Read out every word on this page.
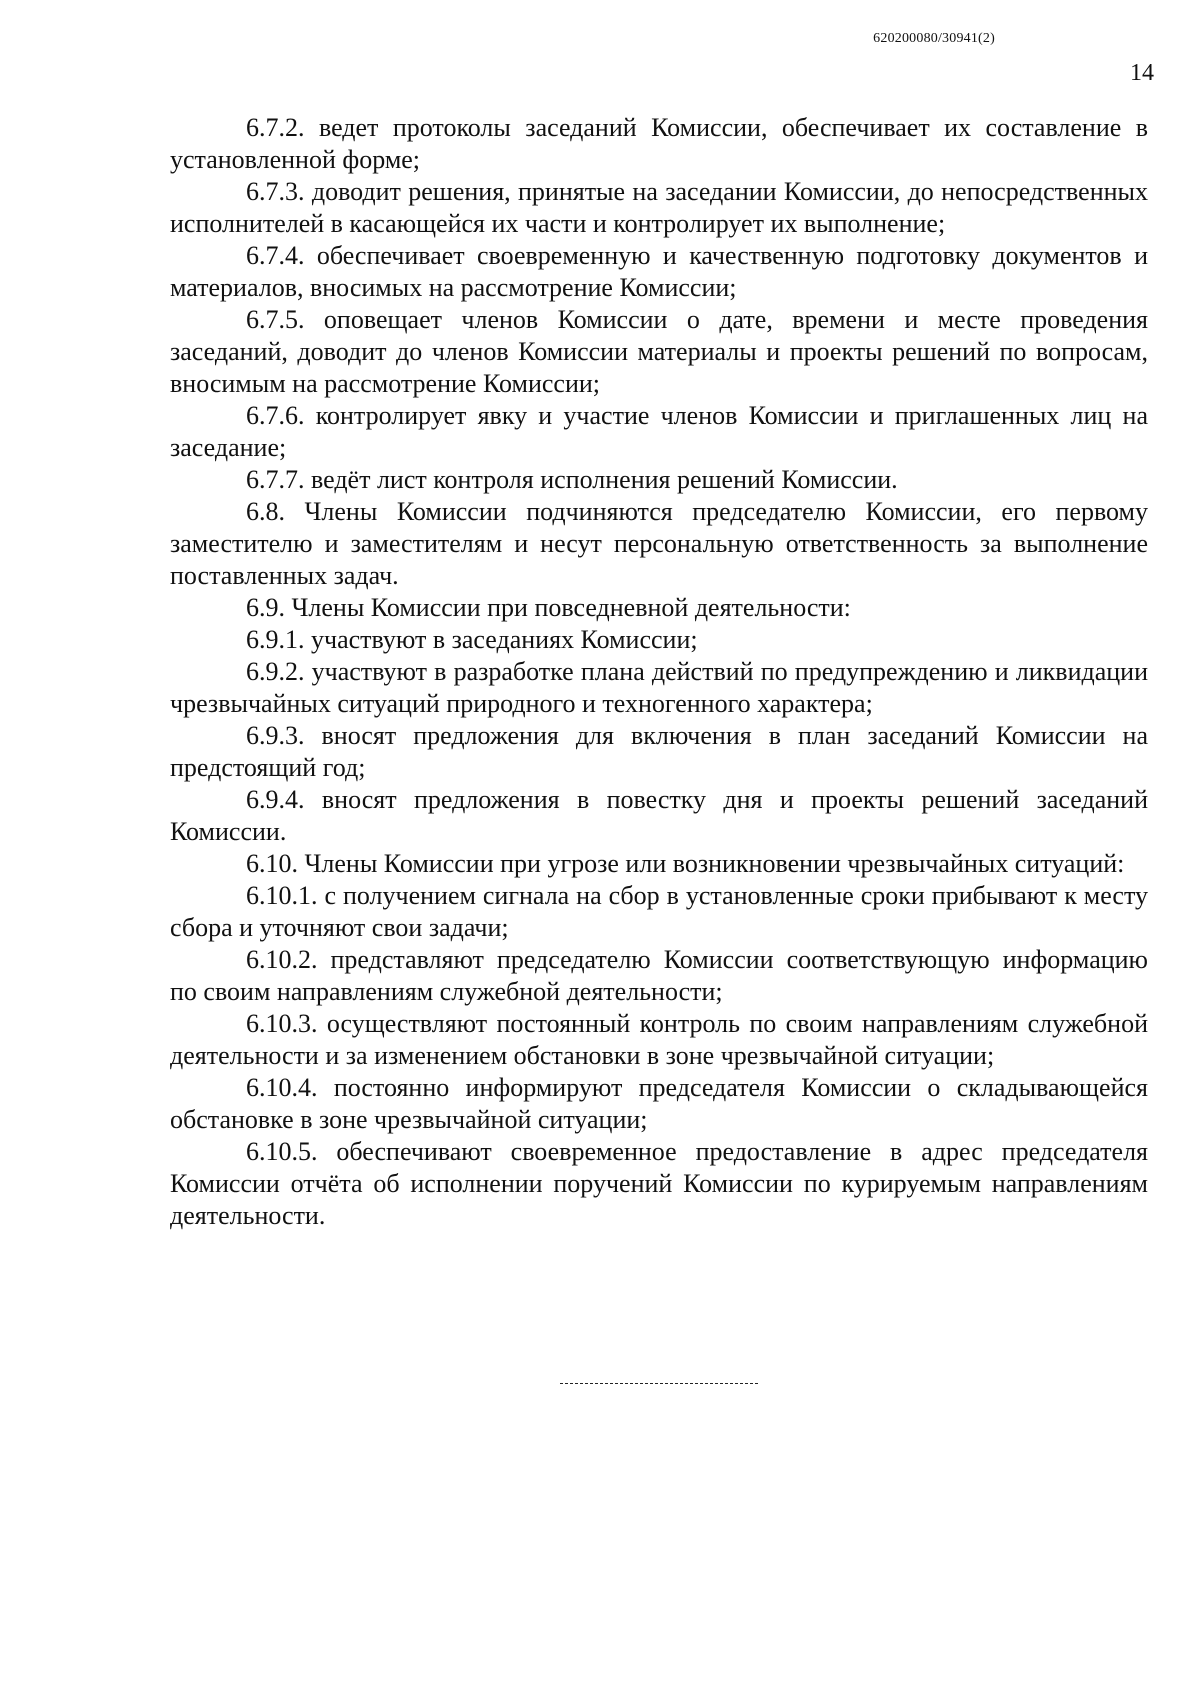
620200080/30941(2)
14

6.7.2. ведет протоколы заседаний Комиссии, обеспечивает их составление в установленной форме;

6.7.3. доводит решения, принятые на заседании Комиссии, до непосредственных исполнителей в касающейся их части и контролирует их выполнение;

6.7.4. обеспечивает своевременную и качественную подготовку документов и материалов, вносимых на рассмотрение Комиссии;

6.7.5. оповещает членов Комиссии о дате, времени и месте проведения заседаний, доводит до членов Комиссии материалы и проекты решений по вопросам, вносимым на рассмотрение Комиссии;

6.7.6. контролирует явку и участие членов Комиссии и приглашенных лиц на заседание;

6.7.7. ведёт лист контроля исполнения решений Комиссии.

6.8. Члены Комиссии подчиняются председателю Комиссии, его первому заместителю и заместителям и несут персональную ответственность за выполнение поставленных задач.

6.9. Члены Комиссии при повседневной деятельности:

6.9.1. участвуют в заседаниях Комиссии;

6.9.2. участвуют в разработке плана действий по предупреждению и ликвидации чрезвычайных ситуаций природного и техногенного характера;

6.9.3. вносят предложения для включения в план заседаний Комиссии на предстоящий год;

6.9.4. вносят предложения в повестку дня и проекты решений заседаний Комиссии.

6.10. Члены Комиссии при угрозе или возникновении чрезвычайных ситуаций:

6.10.1. с получением сигнала на сбор в установленные сроки прибывают к месту сбора и уточняют свои задачи;

6.10.2. представляют председателю Комиссии соответствующую информацию по своим направлениям служебной деятельности;

6.10.3. осуществляют постоянный контроль по своим направлениям служебной деятельности и за изменением обстановки в зоне чрезвычайной ситуации;

6.10.4. постоянно информируют председателя Комиссии о складывающейся обстановке в зоне чрезвычайной ситуации;

6.10.5. обеспечивают своевременное предоставление в адрес председателя Комиссии отчёта об исполнении поручений Комиссии по курируемым направлениям деятельности.
